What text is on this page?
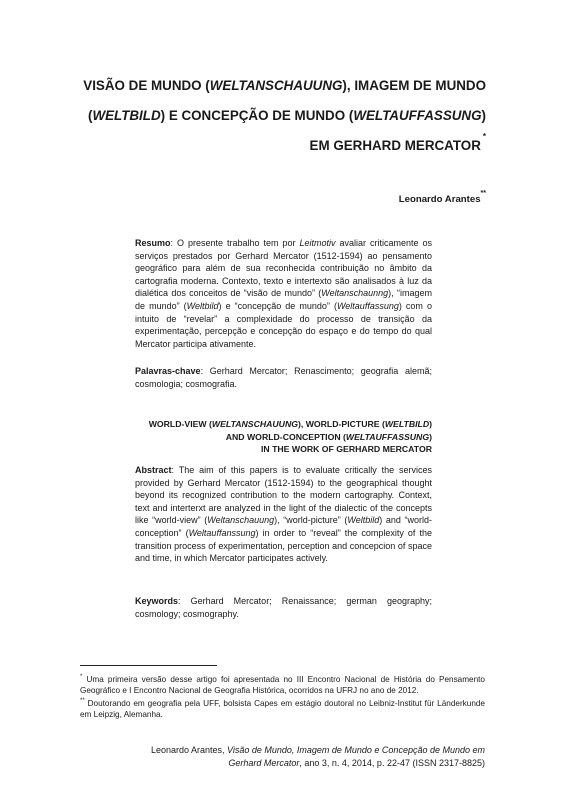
VISÃO DE MUNDO (WELTANSCHAUUNG), IMAGEM DE MUNDO
(WELTBILD) E CONCEPÇÃO DE MUNDO (WELTAUFFASSUNG)
EM GERHARD MERCATOR*
Leonardo Arantes**
Resumo: O presente trabalho tem por Leitmotiv avaliar criticamente os serviços prestados por Gerhard Mercator (1512-1594) ao pensamento geográfico para além de sua reconhecida contribuição no âmbito da cartografia moderna. Contexto, texto e intertexto são analisados à luz da dialética dos conceitos de “visão de mundo” (Weltanschaunng), “imagem de mundo” (Weltbild) e “concepção de mundo” (Weltauffassung) com o intuito de “revelar” a complexidade do processo de transição da experimentação, percepção e concepção do espaço e do tempo do qual Mercator participa ativamente.
Palavras-chave: Gerhard Mercator; Renascimento; geografia alemã; cosmologia; cosmografia.
WORLD-VIEW (WELTANSCHAUUNG), WORLD-PICTURE (WELTBILD)
AND WORLD-CONCEPTION (WELTAUFFASSUNG)
IN THE WORK OF GERHARD MERCATOR
Abstract: The aim of this papers is to evaluate critically the services provided by Gerhard Mercator (1512-1594) to the geographical thought beyond its recognized contribution to the modern cartography. Context, text and interterxt are analyzed in the light of the dialectic of the concepts like “world-view” (Weltanschauung), “world-picture” (Weltbild) and “world-conception” (Weltauffanssung) in order to “reveal” the complexity of the transition process of experimentation, perception and concepcion of space and time, in which Mercator participates actively.
Keywords: Gerhard Mercator; Renaissance; german geography; cosmology; cosmography.
* Uma primeira versão desse artigo foi apresentada no III Encontro Nacional de História do Pensamento Geográfico e I Encontro Nacional de Geografia Histórica, ocorridos na UFRJ no ano de 2012.
** Doutorando em geografia pela UFF, bolsista Capes em estágio doutoral no Leibniz-Institut für Länderkunde em Leipzig, Alemanha.
Leonardo Arantes, Visão de Mundo, Imagem de Mundo e Concepção de Mundo em Gerhard Mercator, ano 3, n. 4, 2014, p. 22-47 (ISSN 2317-8825)
